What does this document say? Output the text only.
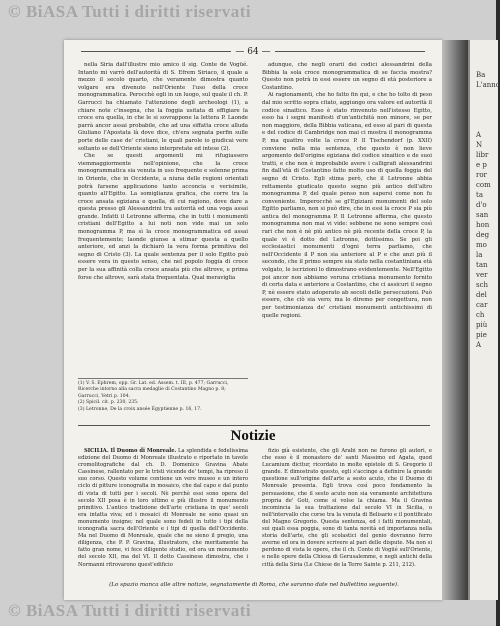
© BiASA Tutti i diritti riservati
— 64 —

nella Siria dall'illustre mio amico il sig. Conte de Vogüé. Intanto mi varrò dell'autorità di S. Efrem Siriaco, il quale a mezzo il secolo quarto, che veramente dimostra quanto volgare era divenuto nell'Oriente l'uso della croce monogrammatica. Perocchè egli in un luogo, sul quale il ch. P. Garrucci ha chiamato l'attenzione degli archeologi (1), a chiare note c'insegna, che la foggia usitata di effigiare la croce era quella, in che le si sovrappone la lettera P. Laonde parrà ancor assai probabile, che ad una siffatta croce alluda Giuliano l'Apostata là dove dice, ch'era segnata perfin sulle porte delle case de' cristiani, le quali parole io giudicai vere soltanto se dell'Oriente sieno interpretate ed intese (2).

Che se questi argomenti mi rifugiassero viemmaggiormente nell'opinione, che la croce monogrammatica sia venuta in uso frequente e solenne prima in Oriente, che in Occidente, a niuna delle regioni orientali potrà farsene applicazione tanto acconcia e verisimile, quanto all'Egitto. La somiglianza grafica, che corre tra la croce ansata egiziana e quella, di cui ragiono, dove dare a questa presso gli Alessandrini tra autorità ed una voga assai grande. Infatti il Letronne afferma, che in tutti i monumenti cristiani dell'Egitto a lui noti non vide mai un solo monogramma P, ma sì la croce monogrammatica ed assai frequentemente; laonde giunse a stimar questa a quello anteriore, ed anzi la dichiarò la vera forma primitiva del segno di Cristo (3). La quale sentenza per il solo Egitto può essere vera in questo senso, che nel popolo foggia di croce per la sua affinità colla croce ansata più che altrove, e prima forse che altrove, sarà stata frequentata. Qual meraviglia

adunque, che negli orarii dei codici alessandrini della Bibbia la sola croce monogrammatica di se faccia mostra? Questo non potrà in essi essere un segno di età posteriore a Costantino.

Ai ragionamenti, che ho fatto fin qui, e che ho tolto di peso dal mio scritto sopra citato, aggiungo ora valore ed autorità il codice sinaitico. Esso è stato rinvenuto nell'istesso Egitto, esso ha i segni manifesti d'un'antichità non minore, se per non maggiore, della Bibbia vaticana, ed esso al pari di questa e del codice di Cambridge non mai ci mostra il monogramma P, ma quattro volte la croce P. Il Tischendorf (p. XXII) conviene nella mia sentenza, che questo è non lieve argomento dell'origine egiziana del codice sinaitico e de suoi tratti, e che non è improbabile avere i calligrafi alessandrini fin dall'età di Costantino fatto molto uso di quella foggia del segno di Cristo. Egli stima però, che il Letronne abbia rettamente giudicato questo segno più antico dell'altro monogramma P, del quale penso non sapersi come non fu conveniente. Imperocchè se gl'Egiziani monumenti del solo Egitto parliamo, non si può dire, che in essi la croce P sia più antica del monogramma P. Il Letronne afferma, che questo monogramma non mai vi vide: sebbene ne sono sempre così rari che non è nè più antico nè più recente della croce P, la quale vi è dotto del Letronne, dottissimo. Se poi gli ecclesiastici monumenti d'ogni terra parliamo, che nell'Occidente il P non sia anteriore al P e che anzi più il secondo, che il primo sempre sia stato nella costantiniana età volgato, le iscrizioni lo dimostrano evidentemente. Nell'Egitto poi ancor non abbiamo veruna cristiana monumento fornito di certa data e anteriore a Costantino, che ci assicuri il segno P, nè essere stato adoperato ab secoli delle persecuzioni. Può essere, che ciò sia vero; ma lo diremo per congettura, non per testimonianza de' cristiani monumenti antichissimi di quelle regioni.

(1) V. S. Ephrem, opp. Gr. Lat. ed. Assem. t. III, p. 477; Garrucci, Ricerche intorno alla sacra medaglie di Costantino Magno p. 8; Garrucci, Vetri p. 104.
(2) Spicil. cit. p. 230, 235.
(3) Letronne, De la croix ansée Égyptienne p. 16, 17.
Notizie

SICILIA. Il Duomo di Monreale. La splendida e fedelissima edizione del Duomo di Monreale illustrato e riportato in tavole cromolitografiche dal ch. D. Domenico Gravina Abate Cassinese, rallentato per le tristi vicende de' tempi, ha ripreso il suo corso. Questo volume contiene un vero museo e un intero ciclo di pitture iconografia in mosaico, che dal capo e dal punto di vista di tutti per i secoli. Nè perchè essi sono opera del secolo XII posa è in loro ultimo e più illustre il monumento primitivo. L'antico tradizione dell'arte cristiana in que' secoli era intatta viva; ed i mosaici di Monreale ne sono quasi un monumento insigne; nel quale sono fedeli in tutto i tipi della iconografia sacra dell'Oriente e i tipi di quella dell'Occidente. Ma nel Duomo di Monreale, quale che ne sieno il pregio, una diligenza, che P. P. Gravina, illustratore, che meritamente ha fatto gran nome, vi fece diligente studio, ed ora un monumento del secolo XII, ma del VI. Il dotto Cassinese dimostra, che i Normanni ritrovarono quest'edificio

fizio già esistente, che gli Arabi non ne furono gli autori, e che esso è il monastero de' santi Massimo ed Agata, quod Lucamium dicitur, ricordato in molte epistole di S. Gregorio il grande. E dimostrato questo, egli s'accinge a definire la grande questione sull'origine dell'arte a sesto acuto, che il Duomo di Monreale presenta. Egli trova così poco fondamento la persuasione, che il sesto acuto non sia veramente architettura propria de' Goti, come si volse la chiama. Ma il Gravina incomincia la sua trattazione dal secolo VI in Sicilia, o nell'intervallo che corse tra la venuta di Belisario e il pontificato del Magno Gregorio. Questa sentenza, ed i fatti monumentali, sui quali essa poggia, sono di tanta novità ed importanza nella storia dell'arte, che gli scolastici del genio dovranno ferro averne ed ora in dovere scrivere al pari delle dispute. Ma non si perdono di vista le opere, che il ch. Conte di Vogüé sull'Oriente, e nelle opere della Chiesa di Gerusalemme, e negli antichi della città della Siria (Le Chiese de la Terre Sainte p. 211, 212).

(Lo spazio manca alle altre notizie, segnatamente di Roma, che saranno date nel bullettino seguente).
Ba
L'anno
A
N
libr
e p
ror
com
ta
d'o
san
hon
deg
mo
la
tan
ver
sch
del
car
ch
più
pie
A
© BiASA Tutti i diritti riservati
